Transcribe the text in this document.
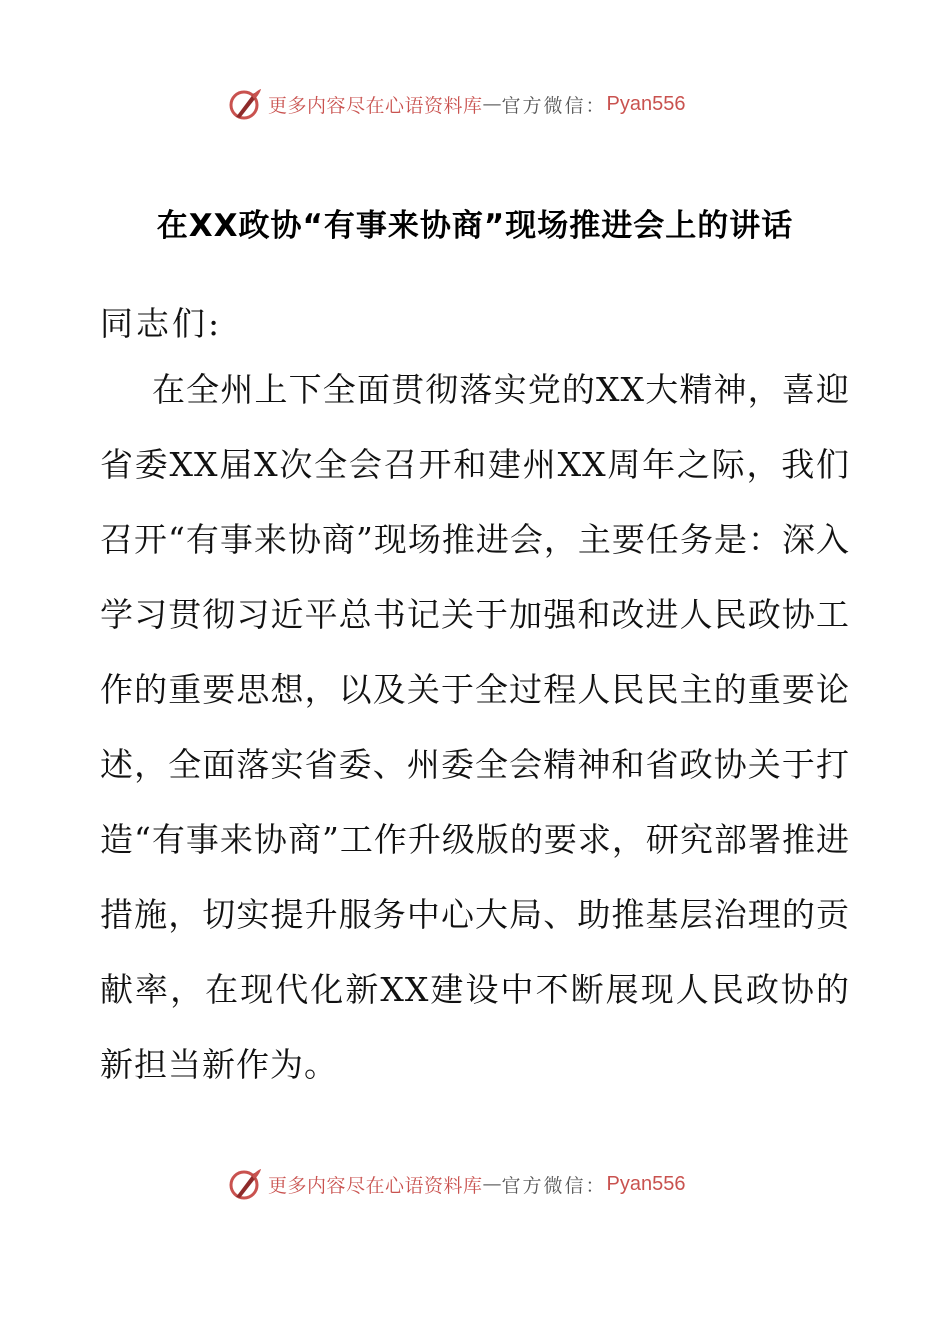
更多内容尽在心语资料库 — 官方微信： Pyan556
在XX政协“有事来协商”现场推进会上的讲话
同志们:

在全州上下全面贯彻落实党的XX大精神，喜迎省委XX届X次全会召开和建州XX周年之际，我们召开“有事来协商”现场推进会，主要任务是：深入学习贯彻习近平总书记关于加强和改进人民政协工作的重要思想，以及关于全过程人民民主的重要论述，全面落实省委、州委全会精神和省政协关于打造“有事来协商”工作升级版的要求，研究部署推进措施，切实提升服务中心大局、助推基层治理的贡献率，在现代化新XX建设中不断展现人民政协的新担当新作为。

更多内容尽在心语资料库 — 官方微信： Pyan556
